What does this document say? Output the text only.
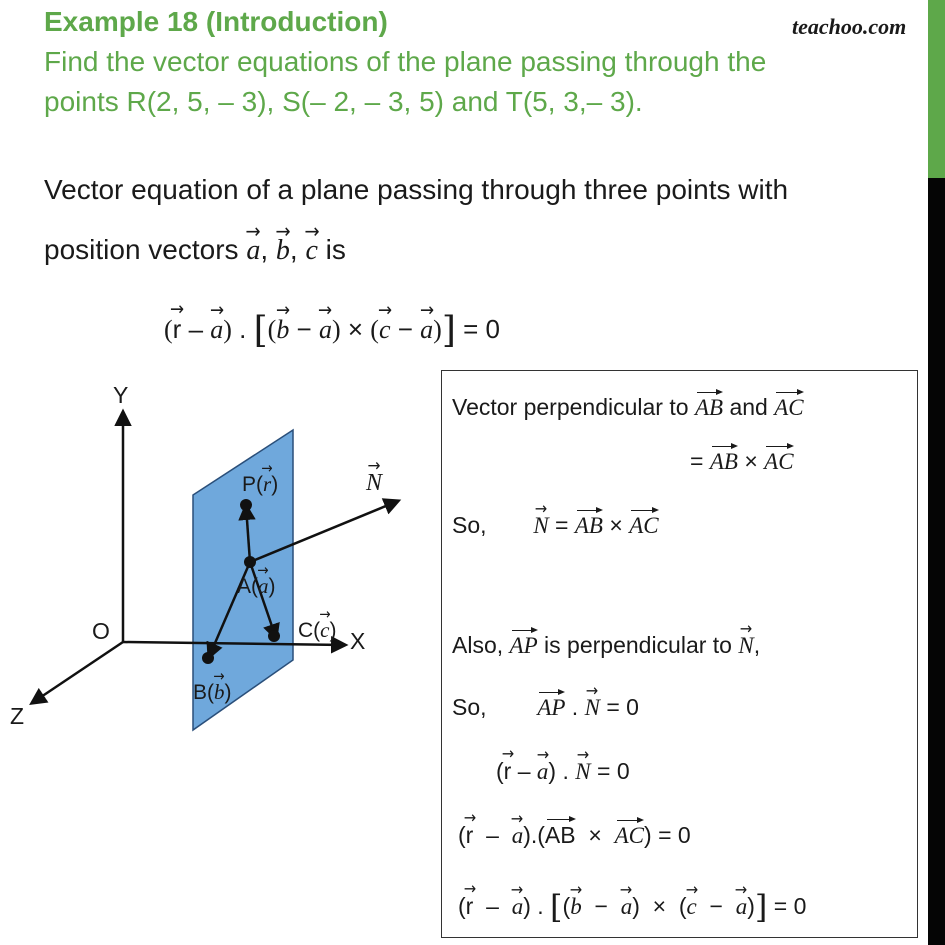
Example 18 (Introduction)	teachoo.com
Find the vector equations of the plane passing through the
points R(2, 5, – 3), S(– 2, – 3, 5) and T(5, 3,– 3).
Vector equation of a plane passing through three points with
position vectors a →, b →, c → is
(r → – a →) . [(b → − a →) × (c → − a →)] = 0
Y
X
Z
O
N →
P(r →)
A(a →)
B(b →)
C(c →)
Vector perpendicular to AB and AC
= AB × AC
So, N → = AB × AC
Also, AP is perpendicular to N →,
So, AP . N → = 0
(r → – a →) . N → = 0
(r →  –  a →).(AB  ×  AC) = 0
(r →  –  a →) . [(b →  −  a →)  ×  (c →  −  a →)] = 0
